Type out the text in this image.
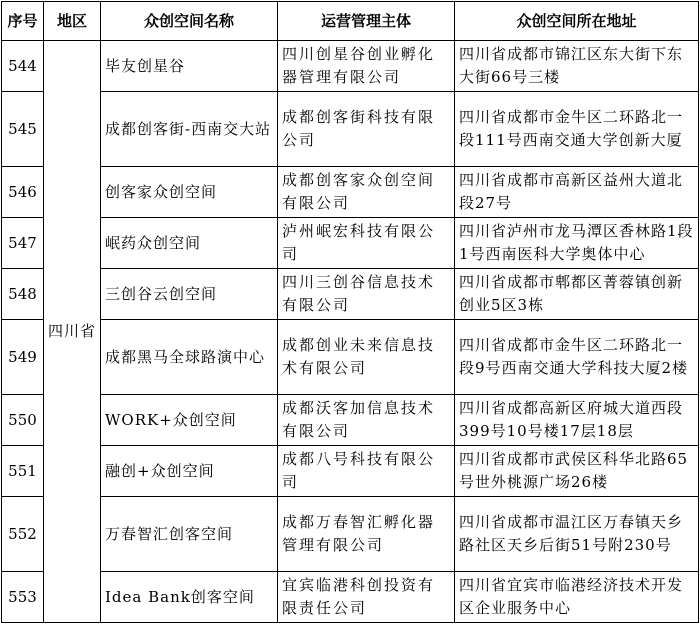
序号	地区	众创空间名称	运营管理主体	众创空间所在地址
544	四川省	毕友创星谷	四川创星谷创业孵化器管理有限公司	四川省成都市锦江区东大街下东大街66号三楼
545		成都创客街-西南交大站	成都创客街科技有限公司	四川省成都市金牛区二环路北一段111号西南交通大学创新大厦
546		创客家众创空间	成都创客家众创空间有限公司	四川省成都市高新区益州大道北段27号
547		岷药众创空间	泸州岷宏科技有限公司	四川省泸州市龙马潭区香林路1段1号西南医科大学奥体中心
548		三创谷云创空间	四川三创谷信息技术有限公司	四川省成都市郫都区菁蓉镇创新创业5区3栋
549		成都黑马全球路演中心	成都创业未来信息技术有限公司	四川省成都市金牛区二环路北一段9号西南交通大学科技大厦2楼
550		WORK+众创空间	成都沃客加信息技术有限公司	四川省成都高新区府城大道西段399号10号楼17层18层
551		融创+众创空间	成都八号科技有限公司	四川省成都市武侯区科华北路65号世外桃源广场26楼
552		万春智汇创客空间	成都万春智汇孵化器管理有限公司	四川省成都市温江区万春镇天乡路社区天乡后街51号附230号
553		Idea Bank创客空间	宜宾临港科创投资有限责任公司	四川省宜宾市临港经济技术开发区企业服务中心
